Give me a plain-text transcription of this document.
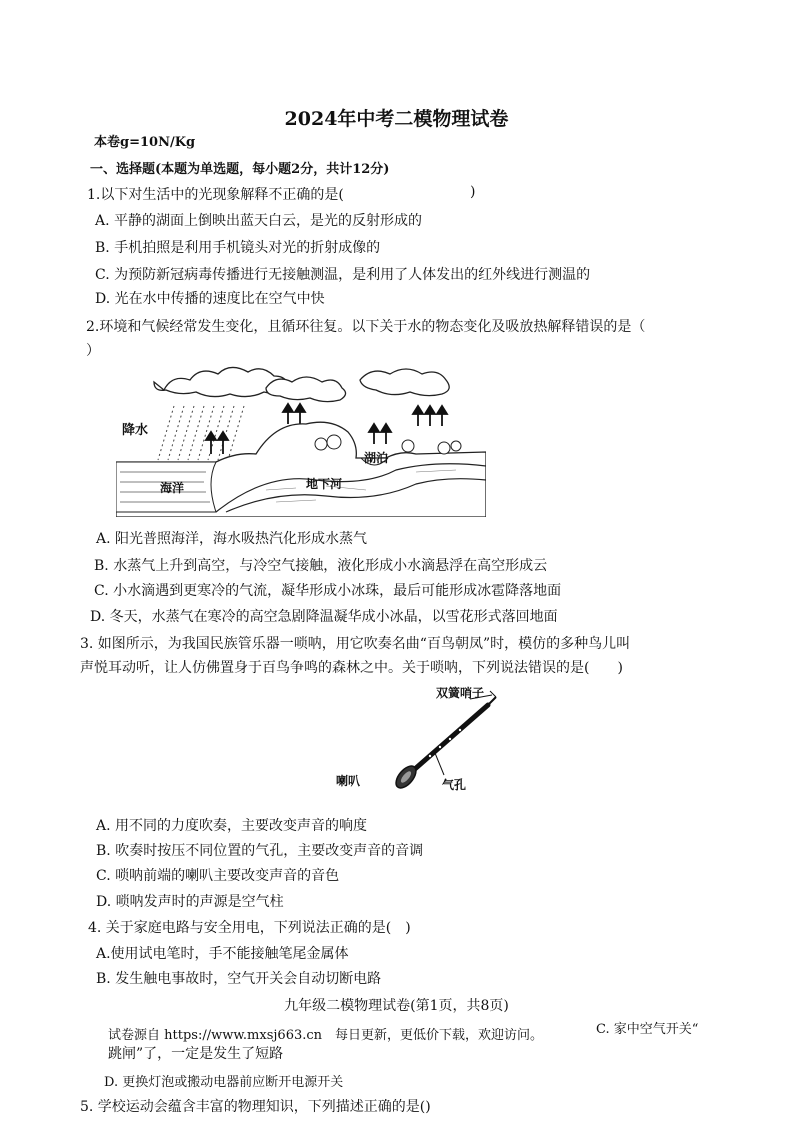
2024年中考二模物理试卷
本卷g=10N/Kg
一、选择题(本题为单选题，每小题2分，共计12分)
1.以下对生活中的光现象解释不正确的是(	)
A. 平静的湖面上倒映出蓝天白云，是光的反射形成的
B. 手机拍照是利用手机镜头对光的折射成像的
C. 为预防新冠病毒传播进行无接触测温，是利用了人体发出的红外线进行测温的
D. 光在水中传播的速度比在空气中快
2.环境和气候经常发生变化，且循环往复。以下关于水的物态变化及吸放热解释错误的是（
）
降水
海洋	地下河
湖泊
A. 阳光普照海洋，海水吸热汽化形成水蒸气
B. 水蒸气上升到高空，与冷空气接触，液化形成小水滴悬浮在高空形成云
C. 小水滴遇到更寒冷的气流，凝华形成小冰珠，最后可能形成冰雹降落地面
D. 冬天，水蒸气在寒冷的高空急剧降温凝华成小冰晶，以雪花形式落回地面
3. 如图所示，为我国民族管乐器一唢呐，用它吹奏名曲“百鸟朝凤”时，模仿的多种鸟儿叫
声悦耳动听，让人仿佛置身于百鸟争鸣的森林之中。关于唢呐，下列说法错误的是(　　)
双簧哨子
喇叭	气孔
A. 用不同的力度吹奏，主要改变声音的响度
B. 吹奏时按压不同位置的气孔，主要改变声音的音调
C. 唢呐前端的喇叭主要改变声音的音色
D. 唢呐发声时的声源是空气柱
4. 关于家庭电路与安全用电，下列说法正确的是(　)
A.使用试电笔时，手不能接触笔尾金属体
B. 发生触电事故时，空气开关会自动切断电路
九年级二模物理试卷(第1页，共8页)
试卷源自 https://www.mxsj663.cn　每日更新，更低价下载，欢迎访问。	C. 家中空气开关“
跳闸”了，一定是发生了短路
D. 更换灯泡或搬动电器前应断开电源开关
5. 学校运动会蕴含丰富的物理知识，下列描述正确的是()
